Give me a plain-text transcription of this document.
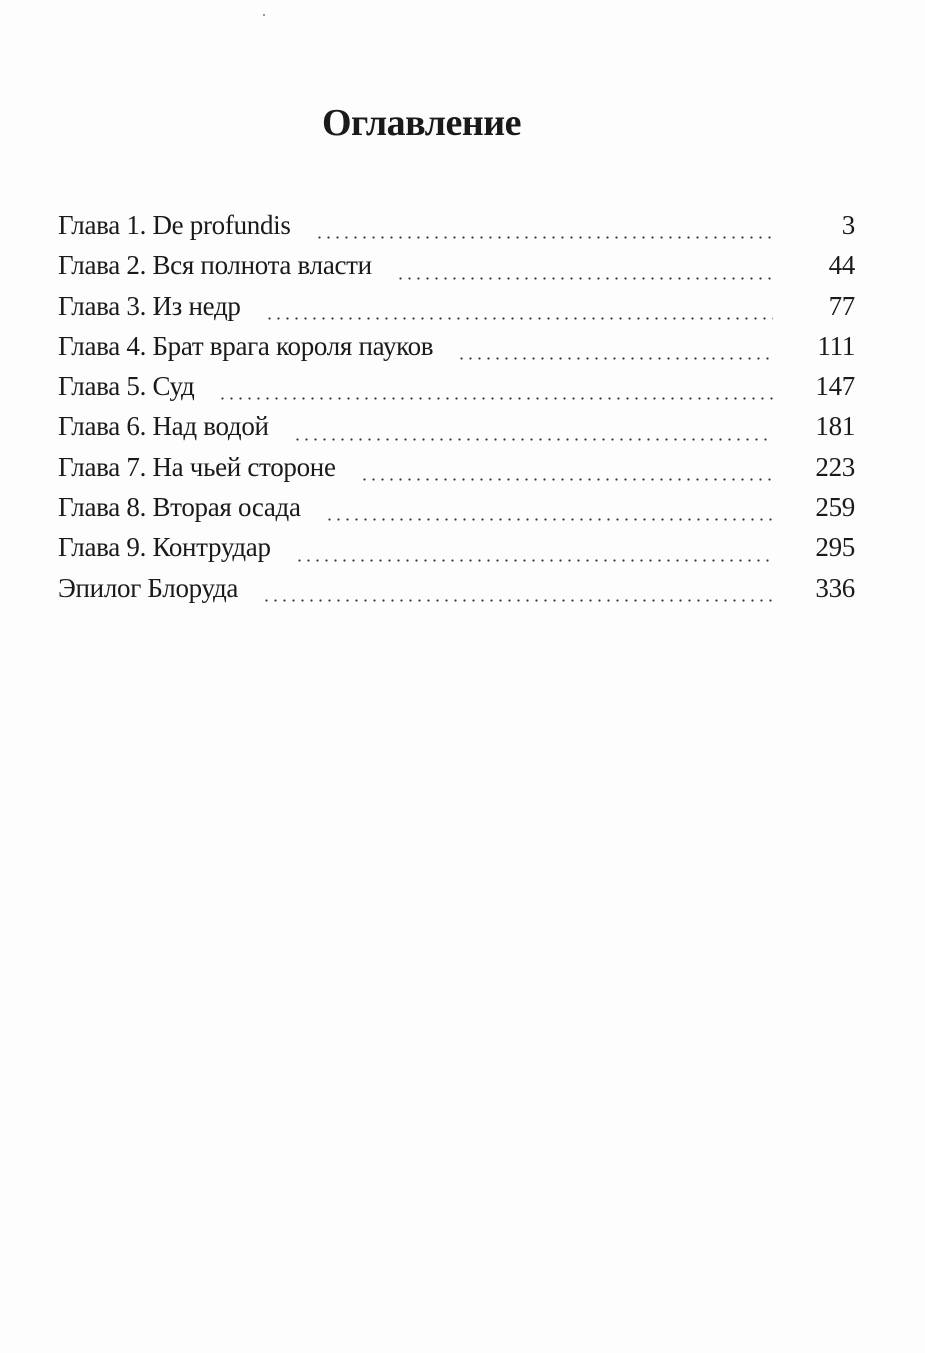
Оглавление
Глава 1. De profundis	3
Глава 2. Вся полнота власти	44
Глава 3. Из недр	77
Глава 4. Брат врага короля пауков	111
Глава 5. Суд	147
Глава 6. Над водой	181
Глава 7. На чьей стороне	223
Глава 8. Вторая осада	259
Глава 9. Контрудар	295
Эпилог Блоруда	336
